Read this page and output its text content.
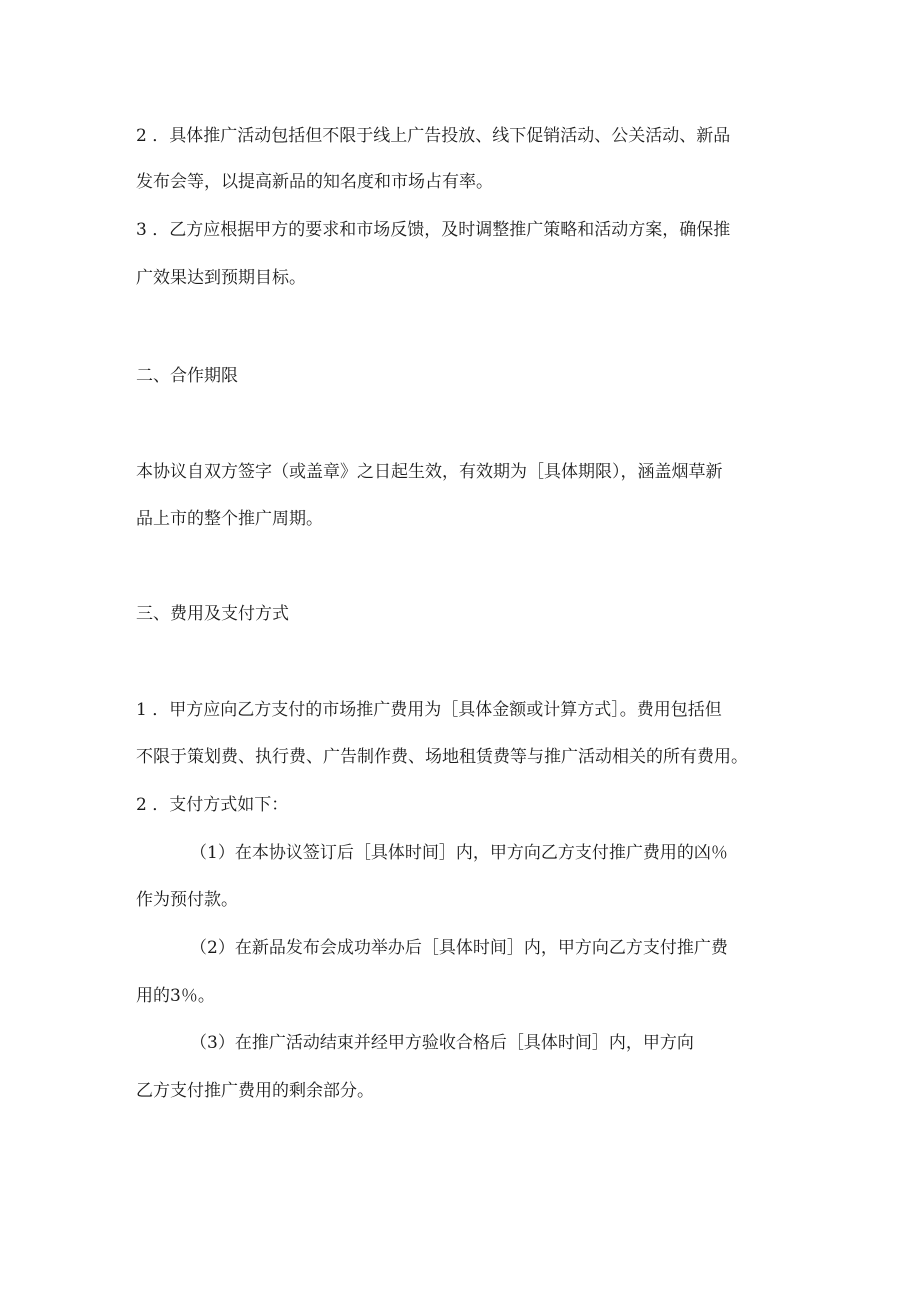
2 ．具体推广活动包括但不限于线上广告投放、线下促销活动、公关活动、新品

发布会等，以提高新品的知名度和市场占有率。

3 ．乙方应根据甲方的要求和市场反馈，及时调整推广策略和活动方案，确保推

广效果达到预期目标。

二、合作期限

本协议自双方签字（或盖章》之日起生效，有效期为［具体期限），涵盖烟草新

品上市的整个推广周期。

三、费用及支付方式

1 ．甲方应向乙方支付的市场推广费用为［具体金额或计算方式］。费用包括但

不限于策划费、执行费、广告制作费、场地租赁费等与推广活动相关的所有费用。

2 ．支付方式如下：

（1）在本协议签订后［具体时间］内，甲方向乙方支付推广费用的凶％

作为预付款。

（2）在新品发布会成功举办后［具体时间］内，甲方向乙方支付推广费

用的3％。

（3）在推广活动结束并经甲方验收合格后［具体时间］内，甲方向

乙方支付推广费用的剩余部分。
